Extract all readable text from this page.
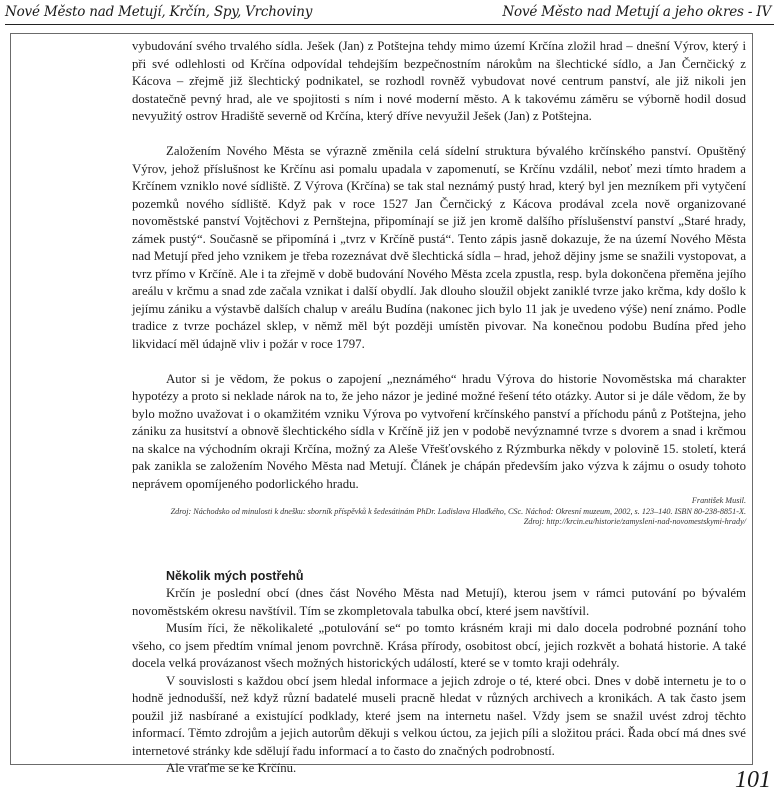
Nové Město nad Metují, Krčín, Spy, Vrchoviny	Nové Město nad Metují a jeho okres - IV

vybudování svého trvalého sídla. Ješek (Jan) z Potštejna tehdy mimo území Krčína zložil hrad – dnešní Výrov, který i při své odlehlosti od Krčína odpovídal tehdejším bezpečnostním nárokům na šlechtické sídlo, a Jan Černčický z Kácova – zřejmě již šlechtický podnikatel, se rozhodl rovněž vybudovat nové centrum panství, ale již nikoli jen dostatečně pevný hrad, ale ve spojitosti s ním i nové moderní město. A k takovému záměru se výborně hodil dosud nevyužitý ostrov Hradiště severně od Krčína, který dříve nevyužil Ješek (Jan) z Potštejna.

Založením Nového Města se výrazně změnila celá sídelní struktura bývalého krčínského panství. Opuštěný Výrov, jehož příslušnost ke Krčínu asi pomalu upadala v zapomenutí, se Krčínu vzdálil, neboť mezi tímto hradem a Krčínem vzniklo nové sídliště. Z Výrova (Krčína) se tak stal neznámý pustý hrad, který byl jen mezníkem při vytyčení pozemků nového sídliště. Když pak v roce 1527 Jan Černčický z Kácova prodával zcela nově organizované novoměstské panství Vojtěchovi z Pernštejna, připomínají se již jen kromě dalšího příslušenství panství „Staré hrady, zámek pustý“. Současně se připomíná i „tvrz v Krčíně pustá“. Tento zápis jasně dokazuje, že na území Nového Města nad Metují před jeho vznikem je třeba rozeznávat dvě šlechtická sídla – hrad, jehož dějiny jsme se snažili vystopovat, a tvrz přímo v Krčíně. Ale i ta zřejmě v době budování Nového Města zcela zpustla, resp. byla dokončena přeměna jejího areálu v krčmu a snad zde začala vznikat i další obydlí. Jak dlouho sloužil objekt zaniklé tvrze jako krčma, kdy došlo k jejímu zániku a výstavbě dalších chalup v areálu Budína (nakonec jich bylo 11 jak je uvedeno výše) není známo. Podle tradice z tvrze pocházel sklep, v němž měl být později umístěn pivovar. Na konečnou podobu Budína před jeho likvidací měl údajně vliv i požár v roce 1797.

Autor si je vědom, že pokus o zapojení „neznámého“ hradu Výrova do historie Novoměstska má charakter hypotézy a proto si neklade nárok na to, že jeho názor je jediné možné řešení této otázky. Autor si je dále vědom, že by bylo možno uvažovat i o okamžitém vzniku Výrova po vytvoření krčínského panství a příchodu pánů z Potštejna, jeho zániku za husitství a obnově šlechtického sídla v Krčíně již jen v podobě nevýznamné tvrze s dvorem a snad i krčmou na skalce na východním okraji Krčína, možný za Aleše Vřešťovského z Rýzmburka někdy v polovině 15. století, která pak zanikla se založením Nového Města nad Metují. Článek je chápán především jako výzva k zájmu o osudy tohoto neprávem opomíjeného podorlického hradu.

František Musil.
Zdroj: Náchodsko od minulosti k dnešku: sborník příspěvků k šedesátinám PhDr. Ladislava Hladkého, CSc. Náchod: Okresní muzeum, 2002, s. 123–140. ISBN 80-238-8851-X.
Zdroj: http://krcin.eu/historie/zamysleni-nad-novomestskymi-hrady/
Několik mých postřehů

Krčín je poslední obcí (dnes část Nového Města nad Metují), kterou jsem v rámci putování po bývalém novoměstském okresu navštívil. Tím se zkompletovala tabulka obcí, které jsem navštívil.

Musím říci, že několikaleté „potulování se“ po tomto krásném kraji mi dalo docela podrobné poznání toho všeho, co jsem předtím vnímal jenom povrchně. Krása přírody, osobitost obcí, jejich rozkvět a bohatá historie. A také docela velká provázanost všech možných historických událostí, které se v tomto kraji odehrály.

V souvislosti s každou obcí jsem hledal informace a jejich zdroje o té, které obci. Dnes v době internetu je to o hodně jednodušší, než když různí badatelé museli pracně hledat v různých archivech a kronikách. A tak často jsem použil již nasbírané a existující podklady, které jsem na internetu našel. Vždy jsem se snažil uvést zdroj těchto informací. Těmto zdrojům a jejich autorům děkuji s velkou úctou, za jejich píli a složitou práci. Řada obcí má dnes své internetové stránky kde sdělují řadu informací a to často do značných podrobností.

Ale vraťme se ke Krčínu.	101
